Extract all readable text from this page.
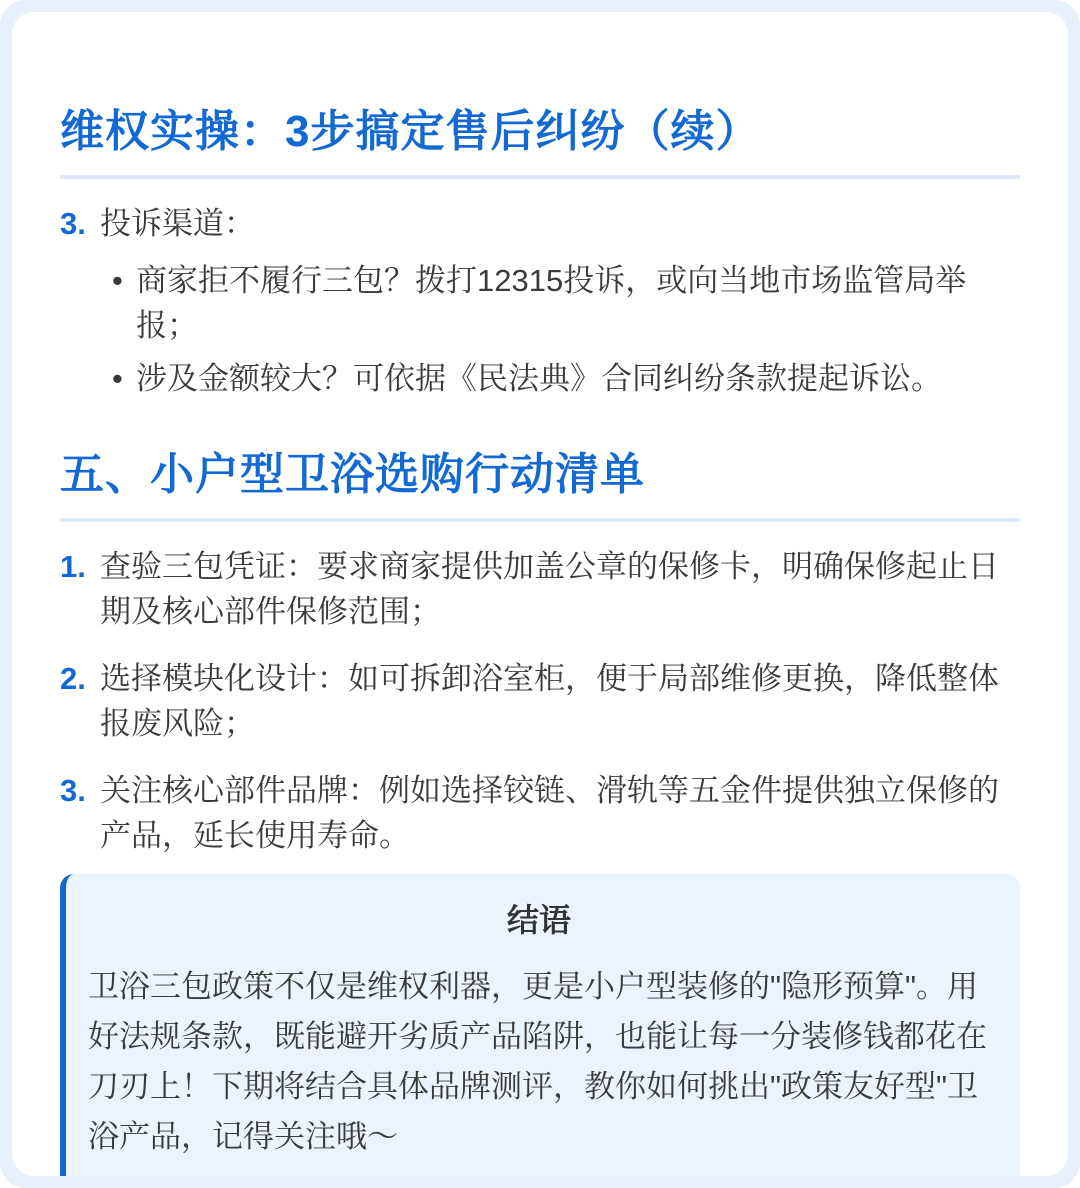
维权实操：3步搞定售后纠纷（续）
3. 投诉渠道：
• 商家拒不履行三包？拨打12315投诉，或向当地市场监管局举报；
• 涉及金额较大？可依据《民法典》合同纠纷条款提起诉讼。
五、小户型卫浴选购行动清单
1. 查验三包凭证：要求商家提供加盖公章的保修卡，明确保修起止日期及核心部件保修范围；
2. 选择模块化设计：如可拆卸浴室柜，便于局部维修更换，降低整体报废风险；
3. 关注核心部件品牌：例如选择铰链、滑轨等五金件提供独立保修的产品，延长使用寿命。
结语

卫浴三包政策不仅是维权利器，更是小户型装修的"隐形预算"。用好法规条款，既能避开劣质产品陷阱，也能让每一分装修钱都花在刀刃上！下期将结合具体品牌测评，教你如何挑出"政策友好型"卫浴产品，记得关注哦～
